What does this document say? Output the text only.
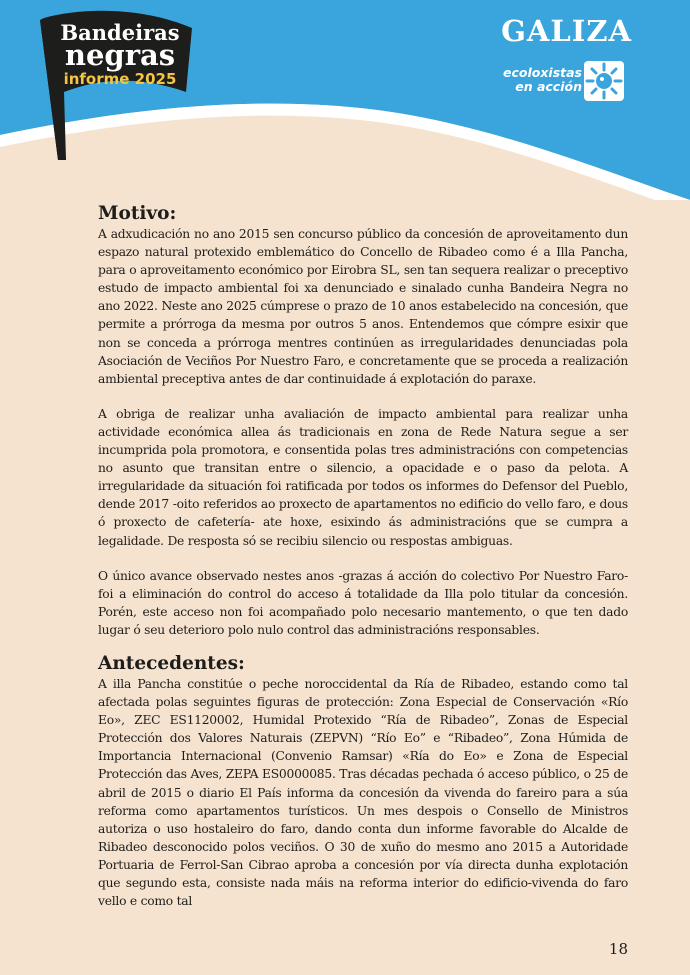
Bandeiras
negras
informe 2025
GALIZA
ecoloxistas
en acción
Motivo:

A adxudicación no ano 2015 sen concurso público da concesión de aproveitamento dun espazo natural protexido emblemático do Concello de Ribadeo como é a Illa Pancha, para o aproveitamento económico por Eirobra SL, sen tan sequera realizar o preceptivo estudo de impacto ambiental foi xa denunciado e sinalado cunha Bandeira Negra no ano 2022. Neste ano 2025 cúmprese o prazo de 10 anos estabelecido na concesión, que permite a prórroga da mesma por outros 5 anos. Entendemos que cómpre esixir que non se conceda a prórroga mentres continúen as irregularidades denunciadas pola Asociación de Veciños Por Nuestro Faro, e concretamente que se proceda a realización ambiental preceptiva antes de dar continuidade á explotación do paraxe.

A obriga de realizar unha avaliación de impacto ambiental para realizar unha actividade económica allea ás tradicionais en zona de Rede Natura segue a ser incumprida pola promotora, e consentida polas tres administracións con competencias no asunto que transitan entre o silencio, a opacidade e o paso da pelota. A irregularidade da situación foi ratificada por todos os informes do Defensor del Pueblo, dende 2017 -oito referidos ao proxecto de apartamentos no edificio do vello faro, e dous ó proxecto de cafetería- ate hoxe, esixindo ás administracións que se cumpra a legalidade. De resposta só se recibiu silencio ou respostas ambiguas.

O único avance observado nestes anos -grazas á acción do colectivo Por Nuestro Faro- foi a eliminación do control do acceso á totalidade da Illa polo titular da concesión. Porén, este acceso non foi acompañado polo necesario mantemento, o que ten dado lugar ó seu deterioro polo nulo control das administracións responsables.

Antecedentes:

A illa Pancha constitúe o peche noroccidental da Ría de Ribadeo, estando como tal afectada polas seguintes figuras de protección: Zona Especial de Conservación «Río Eo», ZEC ES1120002, Humidal Protexido “Ría de Ribadeo”, Zonas de Especial Protección dos Valores Naturais (ZEPVN) “Río Eo” e “Ribadeo”, Zona Húmida de Importancia Internacional (Convenio Ramsar) «Ría do Eo» e Zona de Especial Protección das Aves, ZEPA ES0000085. Tras décadas pechada ó acceso público, o 25 de abril de 2015 o diario El País informa da concesión da vivenda do fareiro para a súa reforma como apartamentos turísticos. Un mes despois o Consello de Ministros autoriza o uso hostaleiro do faro, dando conta dun informe favorable do Alcalde de Ribadeo desconocido polos veciños. O 30 de xuño do mesmo ano 2015 a Autoridade Portuaria de Ferrol-San Cibrao aproba a concesión por vía directa dunha explotación que segundo esta, consiste nada máis na reforma interior do edificio-vivenda do faro vello e como tal

18
